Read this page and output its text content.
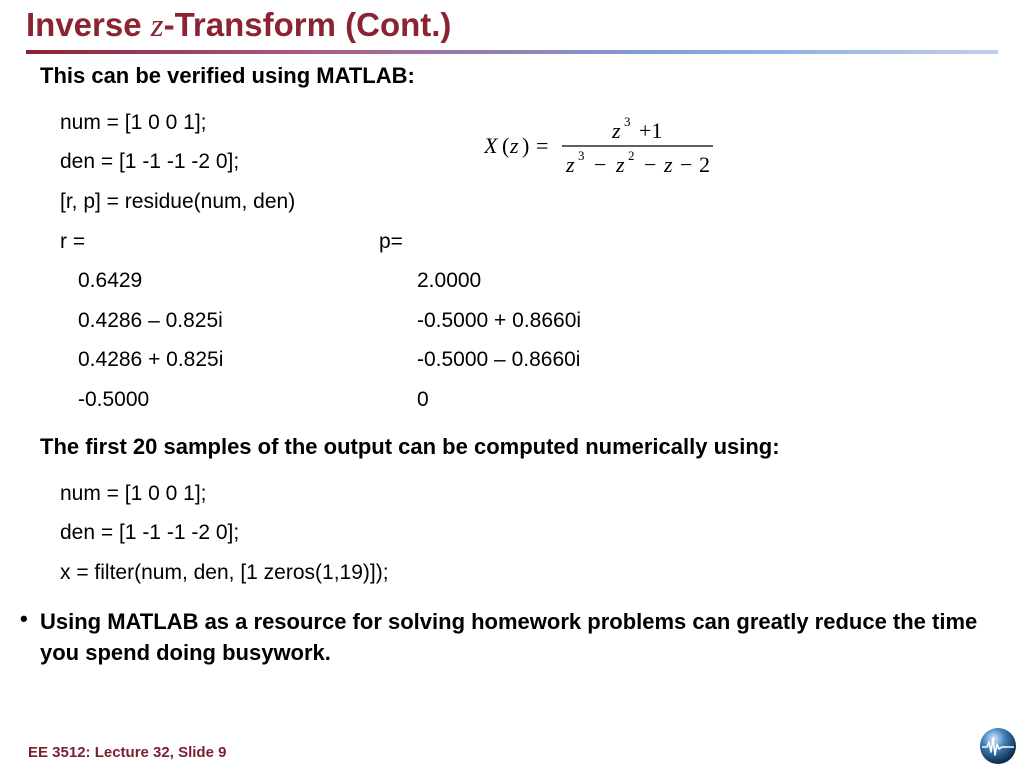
Inverse z-Transform (Cont.)
This can be verified using MATLAB:
num = [1 0 0 1];
den = [1 -1 -1 -2 0];
[r, p] = residue(num, den)
r =	p=
0.6429
0.4286 – 0.825i
0.4286 + 0.825i
-0.5000
2.0000
-0.5000 + 0.8660i
-0.5000 – 0.8660i
0
X ( z ) =
z 3 +1
z 3 − z 2 − z − 2
The first 20 samples of the output can be computed numerically using:
num = [1 0 0 1];
den = [1 -1 -1 -2 0];
x = filter(num, den, [1 zeros(1,19)]);
• Using MATLAB as a resource for solving homework problems can greatly reduce the time you spend doing busywork.
EE 3512: Lecture 32, Slide 9
